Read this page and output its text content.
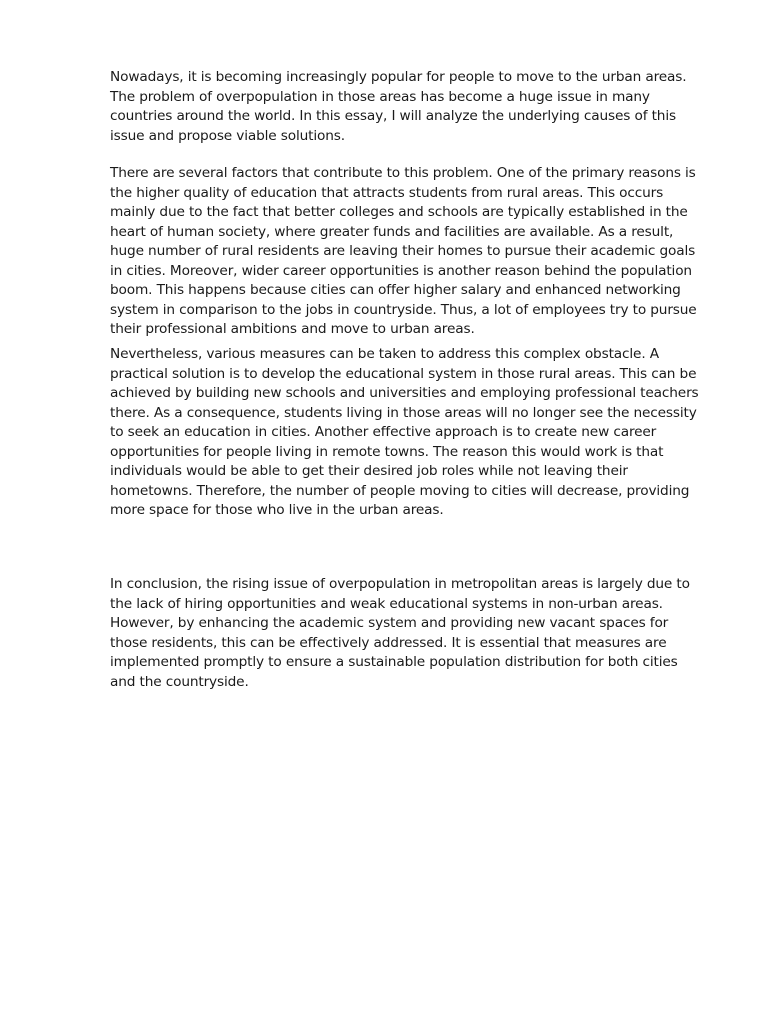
Nowadays, it is becoming increasingly popular for people to move to the urban areas.
The problem of overpopulation in those areas has become a huge issue in many
countries around the world. In this essay, I will analyze the underlying causes of this
issue and propose viable solutions.

There are several factors that contribute to this problem. One of the primary reasons is
the higher quality of education that attracts students from rural areas. This occurs
mainly due to the fact that better colleges and schools are typically established in the
heart of human society, where greater funds and facilities are available. As a result,
huge number of rural residents are leaving their homes to pursue their academic goals
in cities. Moreover, wider career opportunities is another reason behind the population
boom. This happens because cities can offer higher salary and enhanced networking
system in comparison to the jobs in countryside. Thus, a lot of employees try to pursue
their professional ambitions and move to urban areas.

Nevertheless, various measures can be taken to address this complex obstacle. A
practical solution is to develop the educational system in those rural areas. This can be
achieved by building new schools and universities and employing professional teachers
there. As a consequence, students living in those areas will no longer see the necessity
to seek an education in cities. Another effective approach is to create new career
opportunities for people living in remote towns. The reason this would work is that
individuals would be able to get their desired job roles while not leaving their
hometowns. Therefore, the number of people moving to cities will decrease, providing
more space for those who live in the urban areas.

In conclusion, the rising issue of overpopulation in metropolitan areas is largely due to
the lack of hiring opportunities and weak educational systems in non-urban areas.
However, by enhancing the academic system and providing new vacant spaces for
those residents, this can be effectively addressed. It is essential that measures are
implemented promptly to ensure a sustainable population distribution for both cities
and the countryside.
